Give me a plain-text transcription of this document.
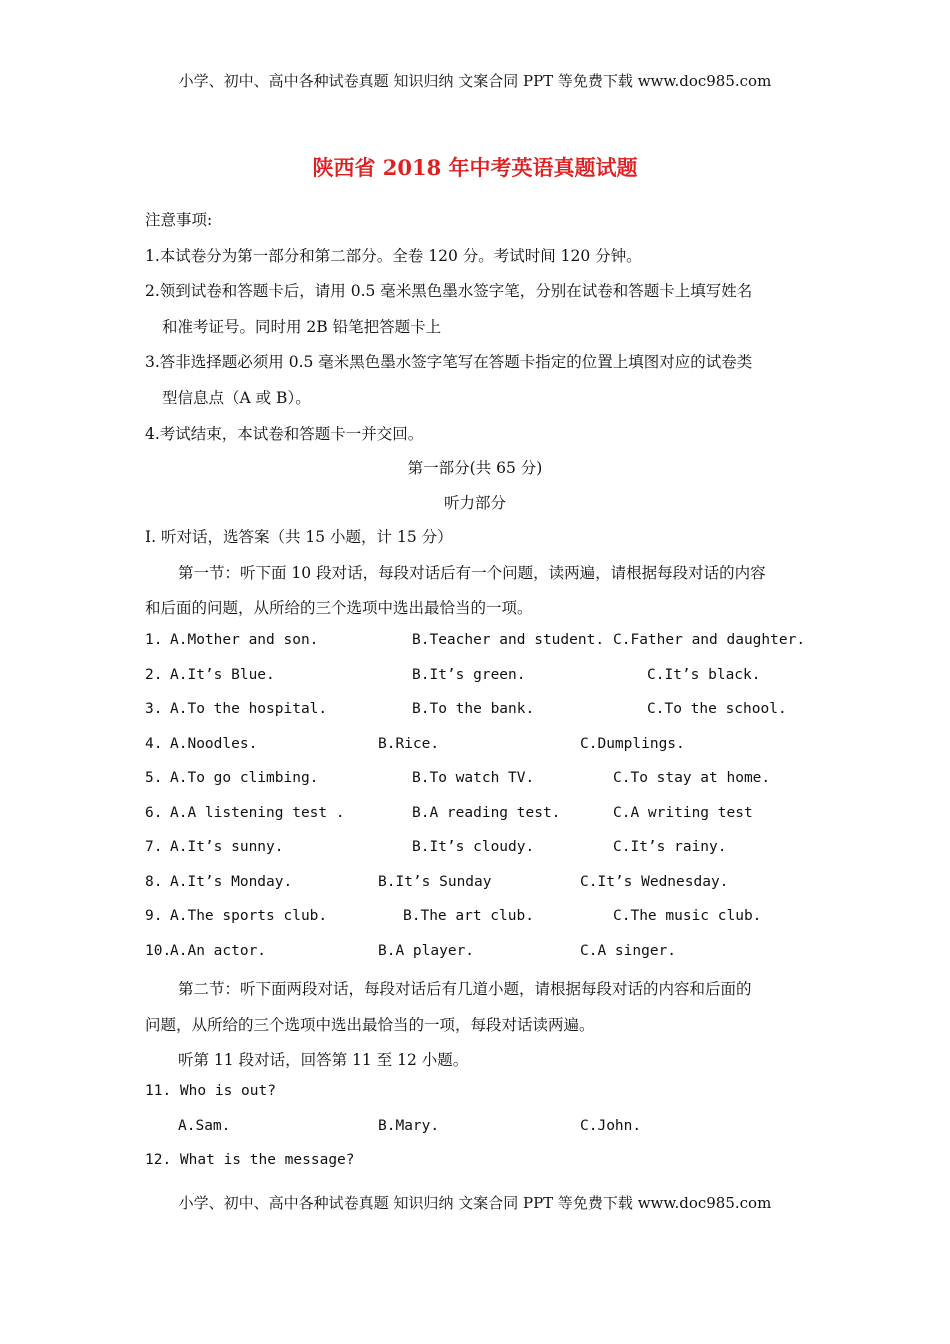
小学、初中、高中各种试卷真题 知识归纳 文案合同 PPT 等免费下载 www.doc985.com
陕西省 2018 年中考英语真题试题
注意事项:
1.本试卷分为第一部分和第二部分。全卷 120 分。考试时间 120 分钟。
2.领到试卷和答题卡后，请用 0.5 毫米黑色墨水签字笔，分别在试卷和答题卡上填写姓名
和准考证号。同时用 2B 铅笔把答题卡上
3.答非选择题必须用 0.5 毫米黑色墨水签字笔写在答题卡指定的位置上填图对应的试卷类
型信息点（A 或 B）。
4.考试结束，本试卷和答题卡一并交回。
第一部分(共 65 分)
听力部分
Ⅰ. 听对话，选答案（共 15 小题，计 15 分）
第一节：听下面 10 段对话，每段对话后有一个问题，读两遍，请根据每段对话的内容
和后面的问题，从所给的三个选项中选出最恰当的一项。
1. A.Mother and son.	B.Teacher and student. C.Father and daughter.
2. A.It’s Blue.	B.It’s green.	C.It’s black.
3. A.To the hospital.	B.To the bank.	C.To the school.
4. A.Noodles.	B.Rice.	C.Dumplings.
5. A.To go climbing.	B.To watch TV.	C.To stay at home.
6. A.A listening test .	B.A reading test.	C.A writing test
7. A.It’s sunny.	B.It’s cloudy.	C.It’s rainy.
8. A.It’s Monday.	B.It’s Sunday	C.It’s Wednesday.
9. A.The sports club.	B.The art club.	C.The music club.
10.
A.An actor.	B.A player.	C.A singer.
第二节：听下面两段对话，每段对话后有几道小题，请根据每段对话的内容和后面的
问题，从所给的三个选项中选出最恰当的一项，每段对话读两遍。
听第 11 段对话，回答第 11 至 12 小题。
11. Who is out?
A.Sam.	B.Mary.	C.John.
12. What is the message?
小学、初中、高中各种试卷真题 知识归纳 文案合同 PPT 等免费下载 www.doc985.com
